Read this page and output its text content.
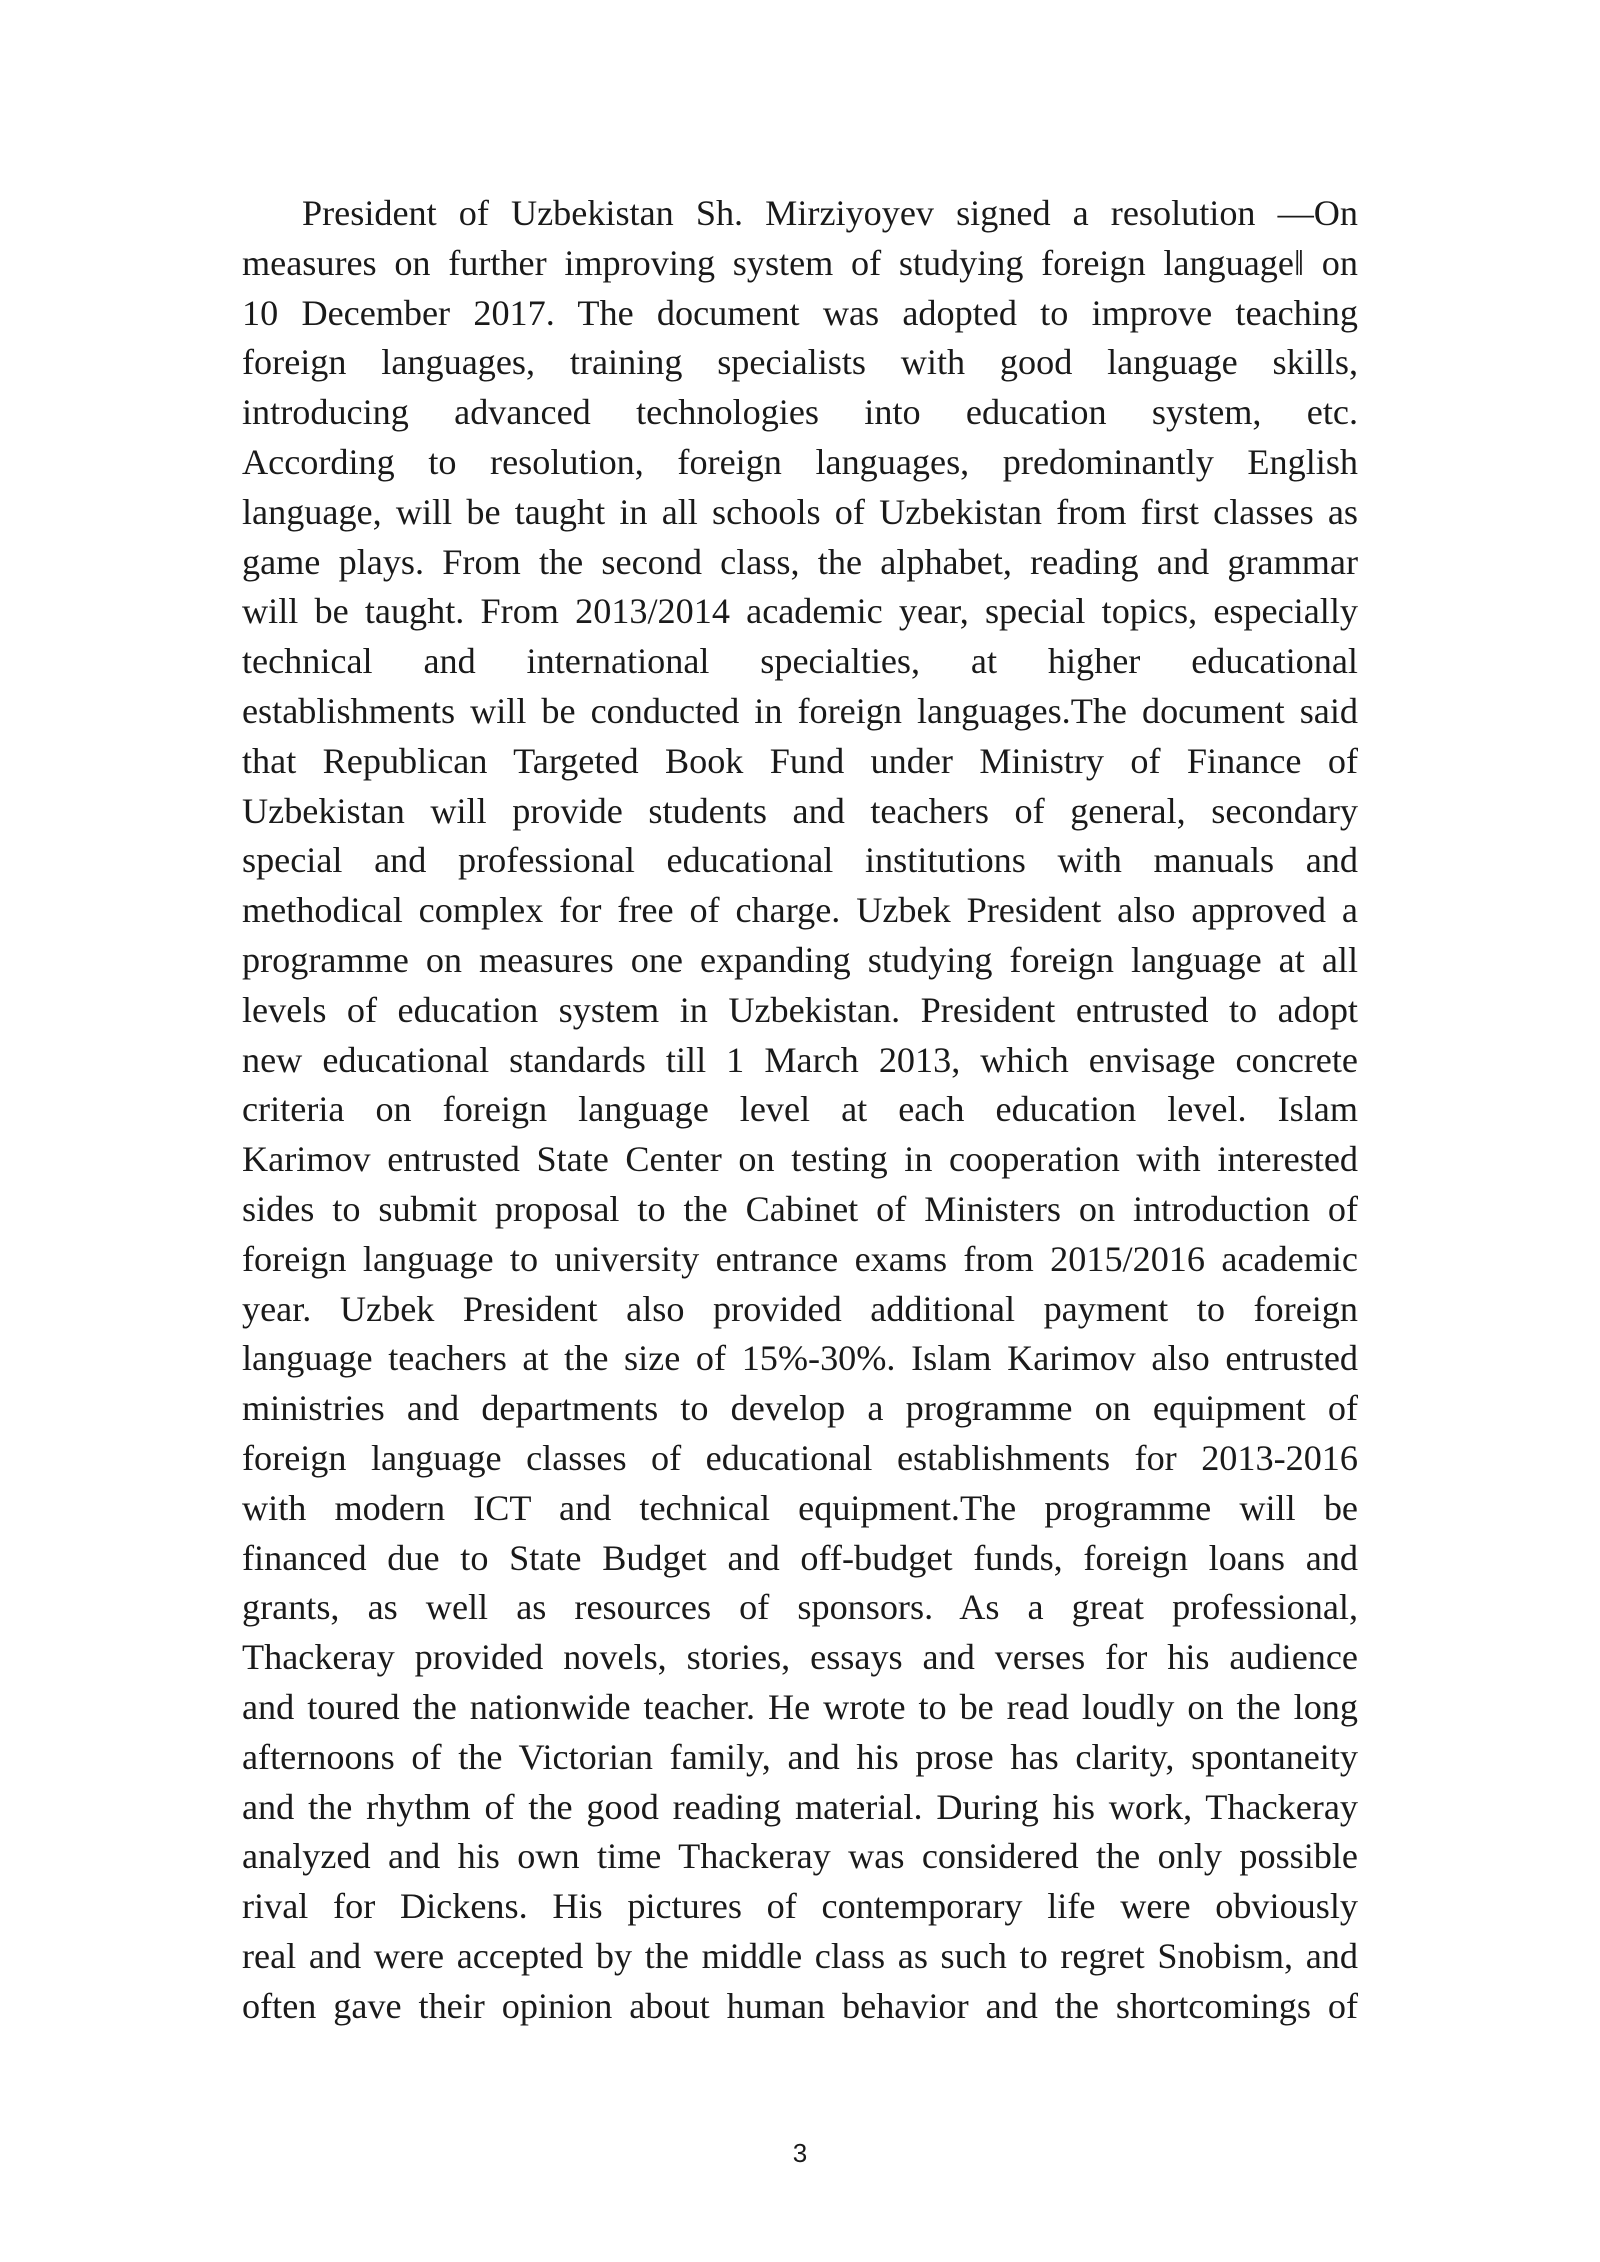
President of Uzbekistan Sh. Mirziyoyev signed a resolution ―On
measures on further improving system of studying foreign language‖ on
10 December 2017. The document was adopted to improve teaching
foreign languages, training specialists with good language skills,
introducing advanced technologies into education system, etc.
According to resolution, foreign languages, predominantly English
language, will be taught in all schools of Uzbekistan from first classes as
game plays. From the second class, the alphabet, reading and grammar
will be taught. From 2013/2014 academic year, special topics, especially
technical and international specialties, at higher educational
establishments will be conducted in foreign languages.The document said
that Republican Targeted Book Fund under Ministry of Finance of
Uzbekistan will provide students and teachers of general, secondary
special and professional educational institutions with manuals and
methodical complex for free of charge. Uzbek President also approved a
programme on measures one expanding studying foreign language at all
levels of education system in Uzbekistan. President entrusted to adopt
new educational standards till 1 March 2013, which envisage concrete
criteria on foreign language level at each education level. Islam
Karimov entrusted State Center on testing in cooperation with interested
sides to submit proposal to the Cabinet of Ministers on introduction of
foreign language to university entrance exams from 2015/2016 academic
year. Uzbek President also provided additional payment to foreign
language teachers at the size of 15%-30%. Islam Karimov also entrusted
ministries and departments to develop a programme on equipment of
foreign language classes of educational establishments for 2013-2016
with modern ICT and technical equipment.The programme will be
financed due to State Budget and off-budget funds, foreign loans and
grants, as well as resources of sponsors. As a great professional,
Thackeray provided novels, stories, essays and verses for his audience
and toured the nationwide teacher. He wrote to be read loudly on the long
afternoons of the Victorian family, and his prose has clarity, spontaneity
and the rhythm of the good reading material. During his work, Thackeray
analyzed and his own time Thackeray was considered the only possible
rival for Dickens. His pictures of contemporary life were obviously
real and were accepted by the middle class as such to regret Snobism, and
often gave their opinion about human behavior and the shortcomings of
3
